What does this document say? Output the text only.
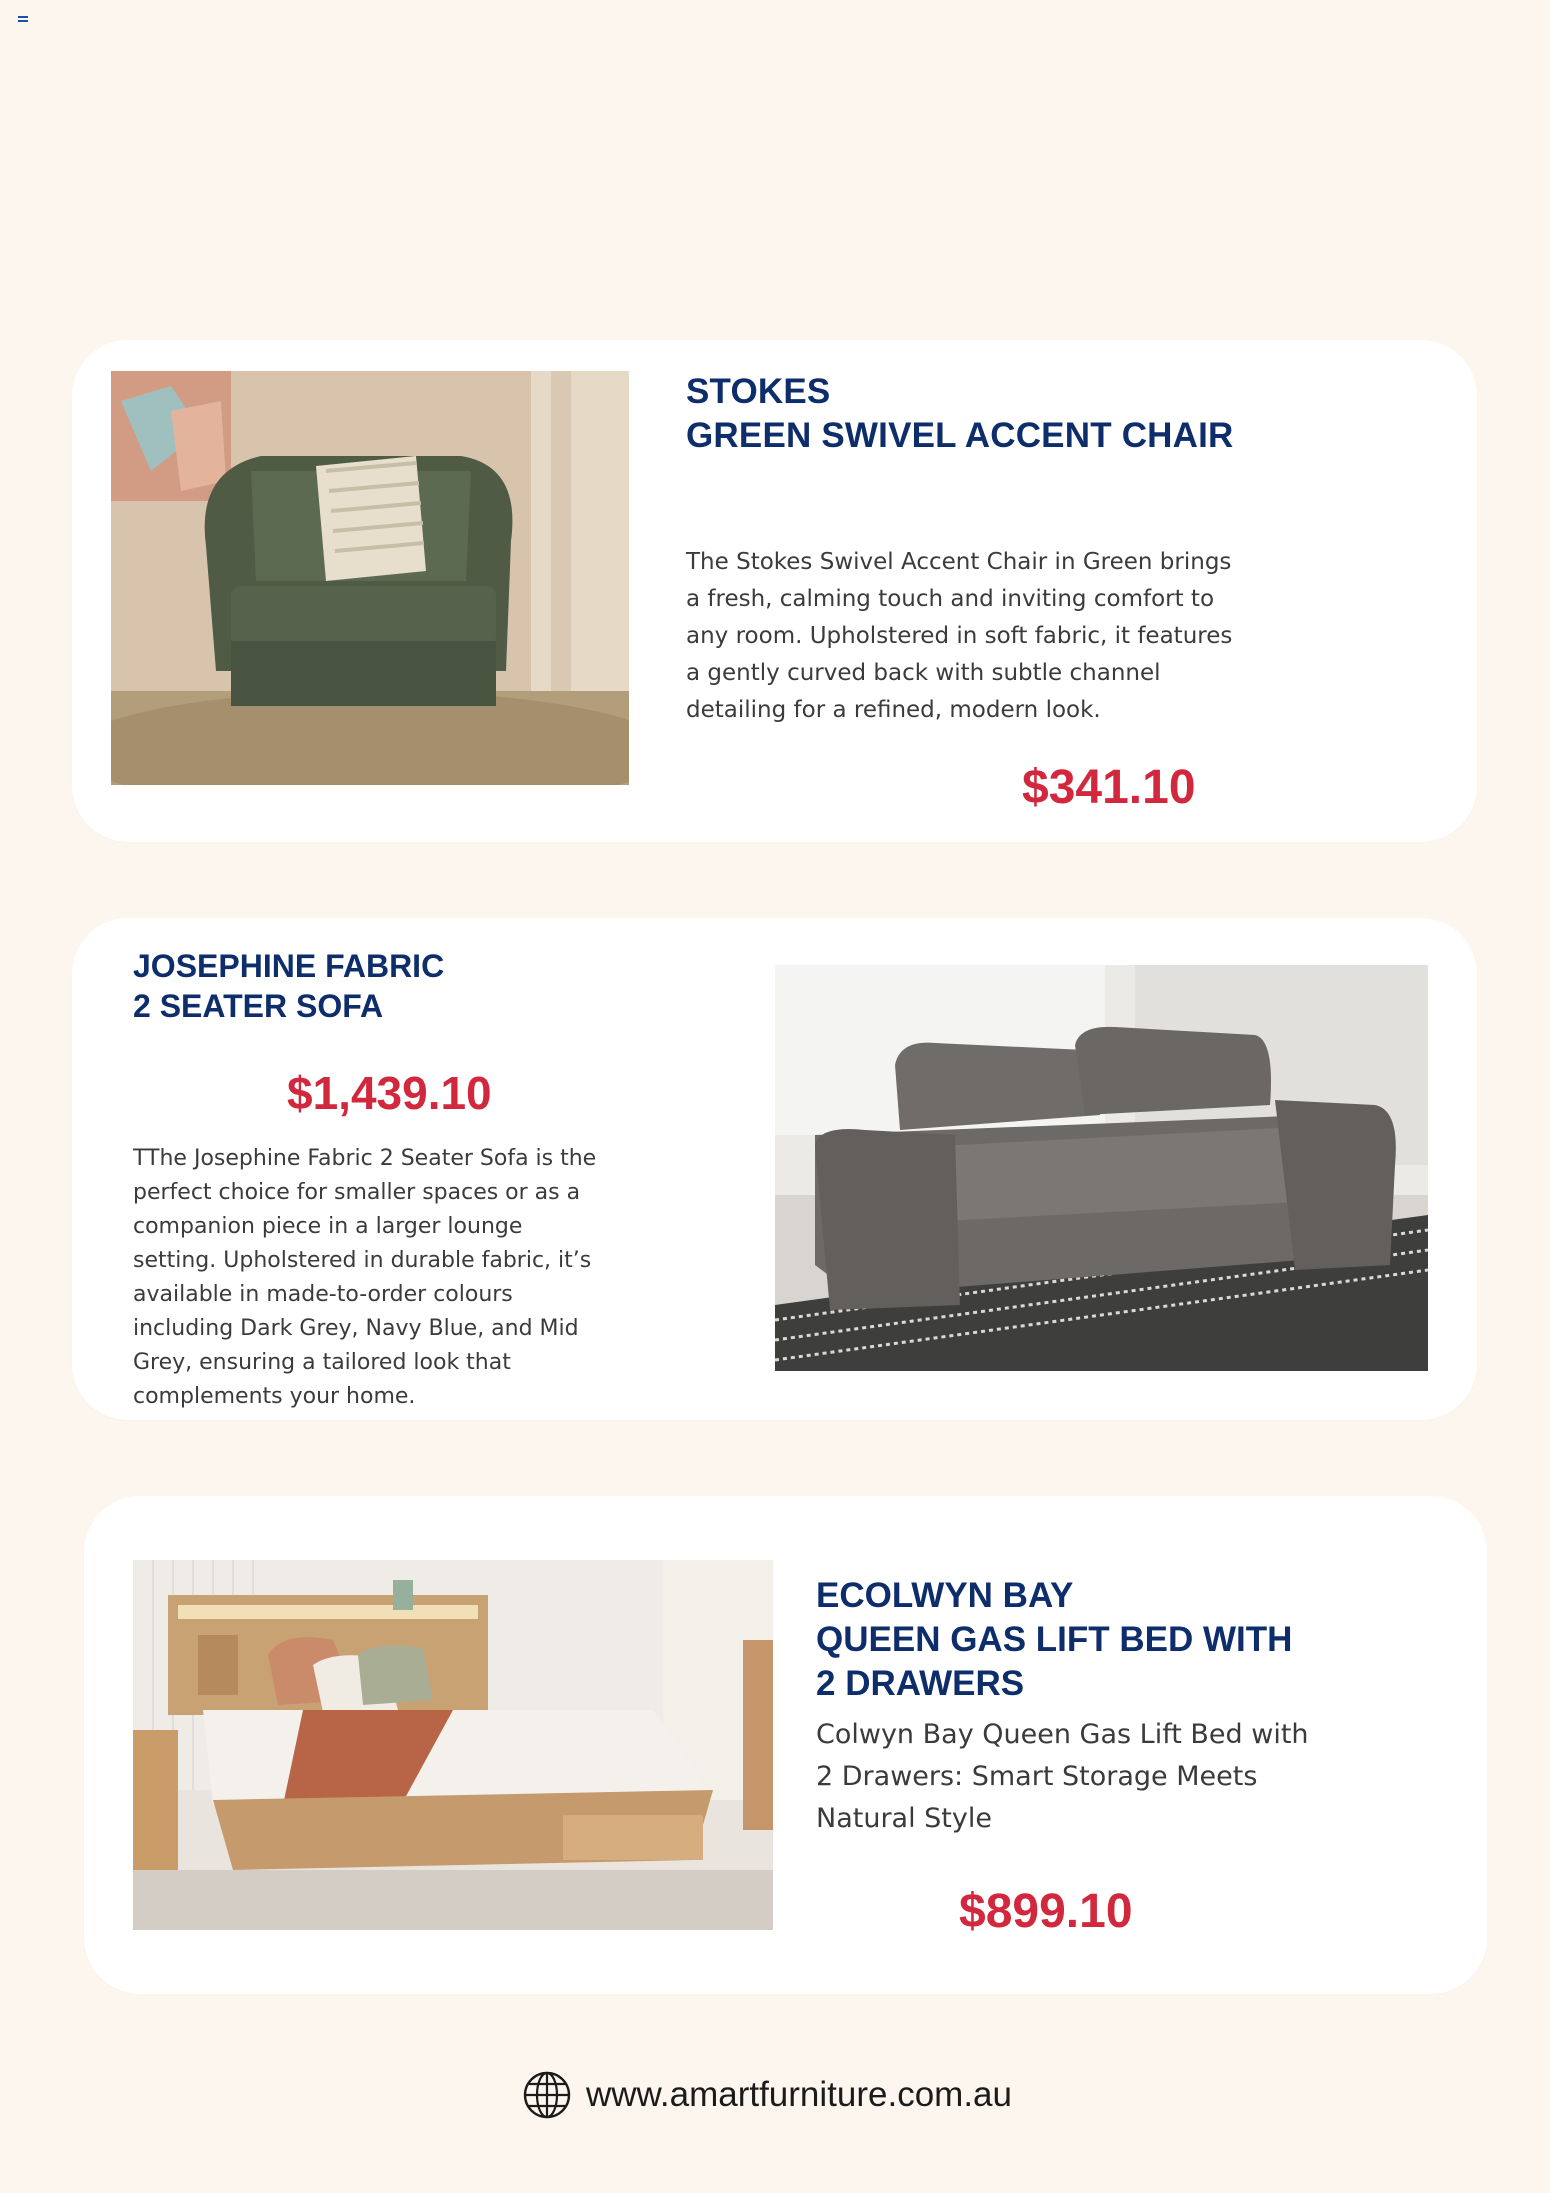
STOKES
GREEN SWIVEL ACCENT CHAIR

The Stokes Swivel Accent Chair in Green brings
a fresh, calming touch and inviting comfort to
any room. Upholstered in soft fabric, it features
a gently curved back with subtle channel
detailing for a refined, modern look.

$341.10

JOSEPHINE FABRIC
2 SEATER SOFA

$1,439.10

TThe Josephine Fabric 2 Seater Sofa is the
perfect choice for smaller spaces or as a
companion piece in a larger lounge
setting. Upholstered in durable fabric, it’s
available in made-to-order colours
including Dark Grey, Navy Blue, and Mid
Grey, ensuring a tailored look that
complements your home.

ECOLWYN BAY
QUEEN GAS LIFT BED WITH
2 DRAWERS

Colwyn Bay Queen Gas Lift Bed with
2 Drawers: Smart Storage Meets
Natural Style

$899.10

www.amartfurniture.com.au
